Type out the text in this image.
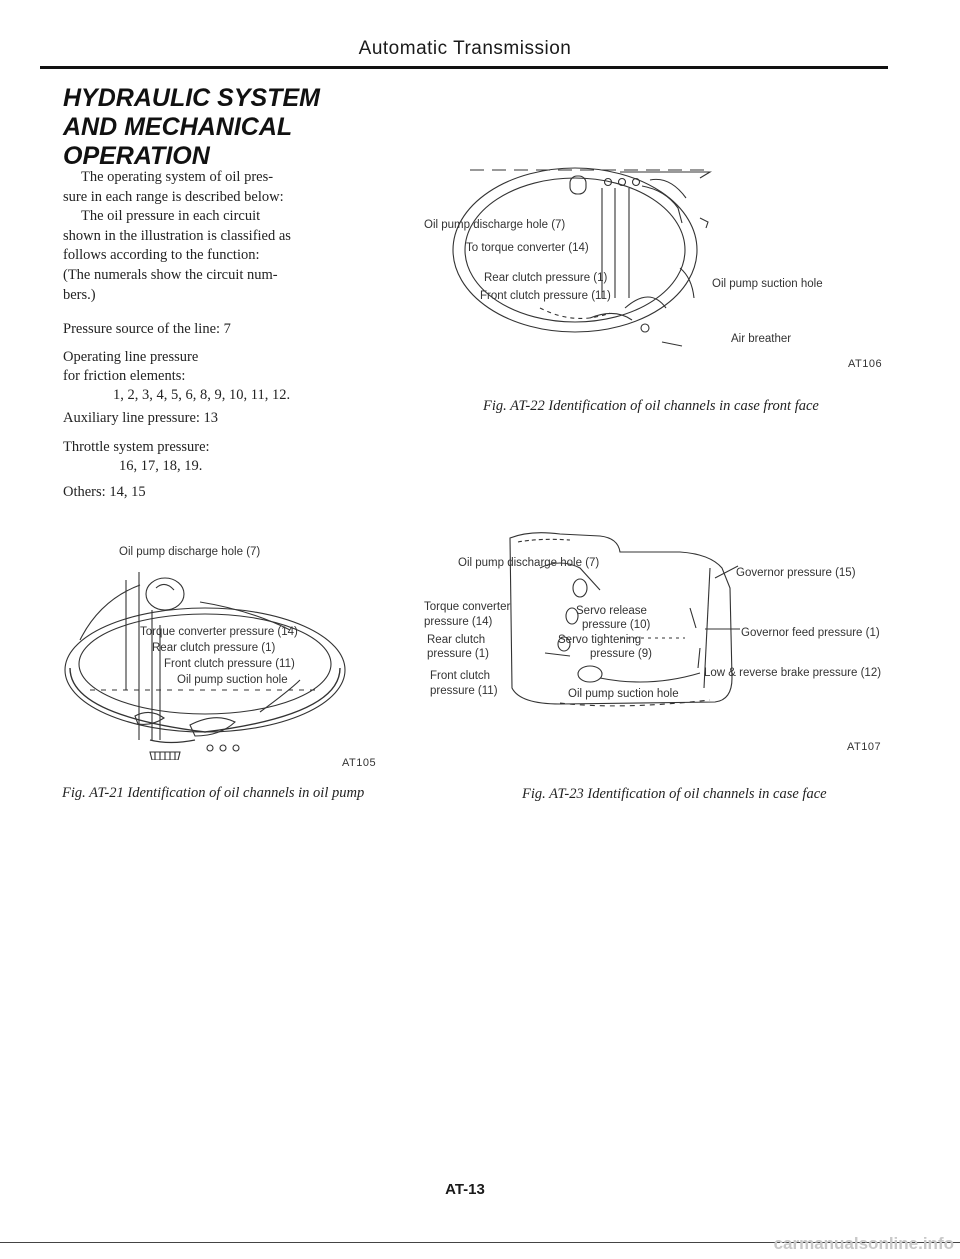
Automatic Transmission
HYDRAULIC SYSTEM
AND MECHANICAL
OPERATION

The operating system of oil pres-

sure in each range is described below:

The oil pressure in each circuit

shown in the illustration is classified as

follows according to the function:

(The numerals show the circuit num-

bers.)

Pressure source of the line: 7
Operating line pressure
for friction elements:
1, 2, 3, 4, 5, 6, 8, 9, 10, 11, 12.
Auxiliary line pressure: 13
Throttle system pressure:
16, 17, 18, 19.
Others: 14, 15
Oil pump discharge hole (7)
Torque converter pressure (14)
Rear clutch pressure (1)
Front clutch pressure (11)
Oil pump suction hole
AT105
Fig. AT-21 Identification of oil channels in oil pump
Oil pump discharge hole (7)
To torque converter (14)
Rear clutch pressure (1)
Front clutch pressure (11)
Oil pump suction hole
Air breather
AT106
Fig. AT-22 Identification of oil channels in case front face
Oil pump discharge hole (7)
Governor pressure (15)
Torque converter
pressure (14)
Servo release
pressure (10)
Governor feed pressure (1)
Rear clutch
pressure (1)
Servo tightening
pressure (9)
Front clutch
pressure (11)
Low & reverse brake pressure (12)
Oil pump suction hole
AT107
Fig. AT-23 Identification of oil channels in case face
AT-13
carmanualsonline.info
